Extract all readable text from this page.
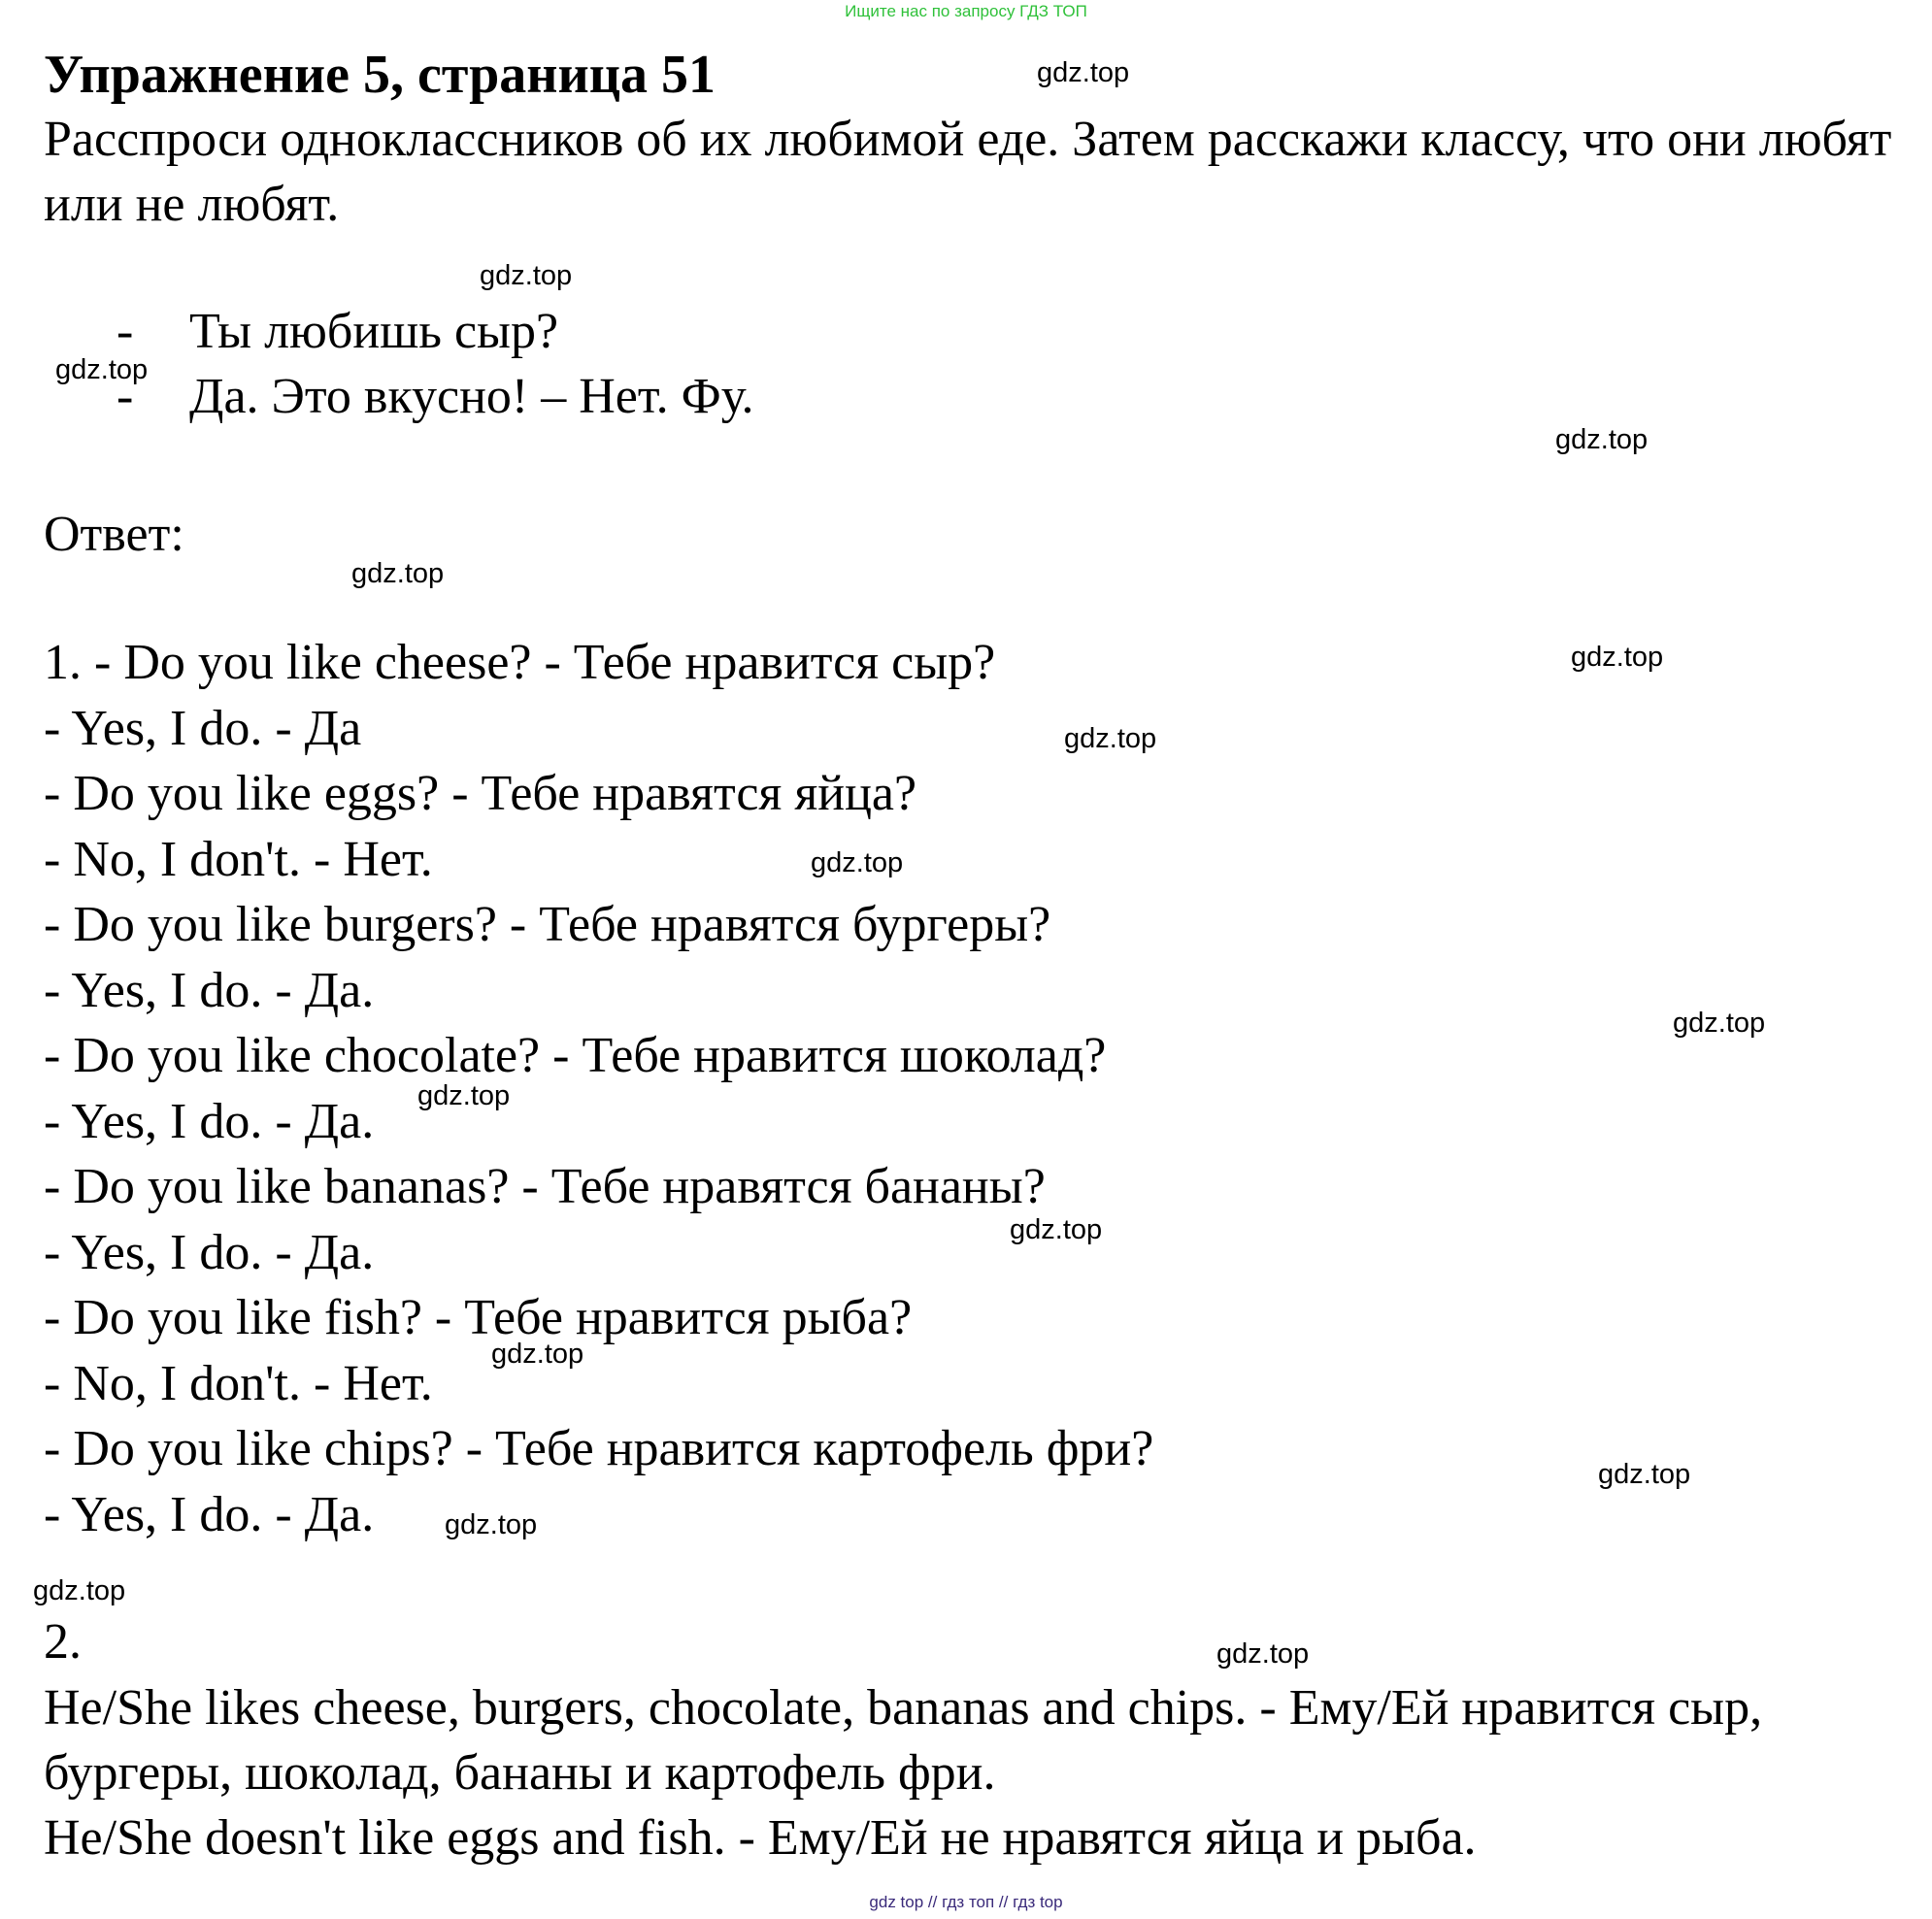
Ищите нас по запросу ГДЗ ТОП
Упражнение 5, страница 51
Расспроси одноклассников об их любимой еде. Затем расскажи классу, что они любят или не любят.
- Ты любишь сыр?
- Да. Это вкусно! – Нет. Фу.
Ответ:
1. - Do you like cheese? - Тебе нравится сыр?
- Yes, I do. - Да
- Do you like eggs? - Тебе нравятся яйца?
- No, I don't. - Нет.
- Do you like burgers? - Тебе нравятся бургеры?
- Yes, I do. - Да.
- Do you like chocolate? - Тебе нравится шоколад?
- Yes, I do. - Да.
- Do you like bananas? - Тебе нравятся бананы?
- Yes, I do. - Да.
- Do you like fish? - Тебе нравится рыба?
- No, I don't. - Нет.
- Do you like chips? - Тебе нравится картофель фри?
- Yes, I do. - Да.
2.
He/She likes cheese, burgers, chocolate, bananas and chips. - Ему/Ей нравится сыр, бургеры, шоколад, бананы и картофель фри.
He/She doesn't like eggs and fish. - Ему/Ей не нравятся яйца и рыба.
gdz.top
gdz.top
gdz.top
gdz.top
gdz.top
gdz.top
gdz.top
gdz.top
gdz.top
gdz.top
gdz.top
gdz.top
gdz.top
gdz.top
gdz.top
gdz.top
gdz top // гдз топ // гдз top
